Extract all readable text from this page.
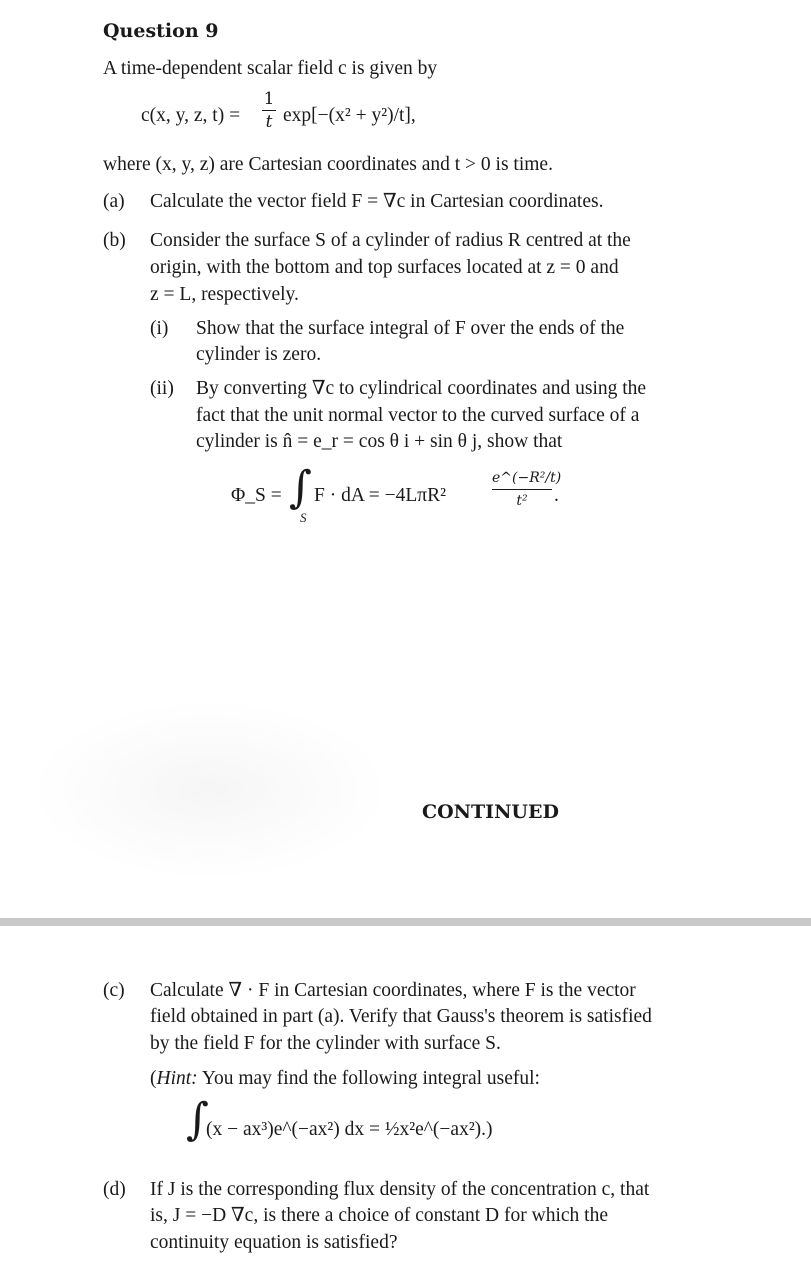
Question 9
A time-dependent scalar field c is given by
c(x, y, z, t) =
1
t exp[−(x² + y²)/t],
where (x, y, z) are Cartesian coordinates and t > 0 is time.
(a) Calculate the vector field F = ∇c in Cartesian coordinates.
(b) Consider the surface S of a cylinder of radius R centred at the
origin, with the bottom and top surfaces located at z = 0 and
z = L, respectively.
(i) Show that the surface integral of F over the ends of the
cylinder is zero.
(ii) By converting ∇c to cylindrical coordinates and using the
fact that the unit normal vector to the curved surface of a
cylinder is n̂ = e_r = cos θ i + sin θ j, show that
Φ_S = ∫
S
F · dA = −4LπR²
e^(−R²/t)
t²	.
CONTINUED
(c) Calculate ∇ · F in Cartesian coordinates, where F is the vector
field obtained in part (a). Verify that Gauss's theorem is satisfied
by the field F for the cylinder with surface S.
(Hint: You may find the following integral useful:
∫
(x − ax³)e^(−ax²) dx = ½x²e^(−ax²).)
(d) If J is the corresponding flux density of the concentration c, that
is, J = −D ∇c, is there a choice of constant D for which the
continuity equation is satisfied?
